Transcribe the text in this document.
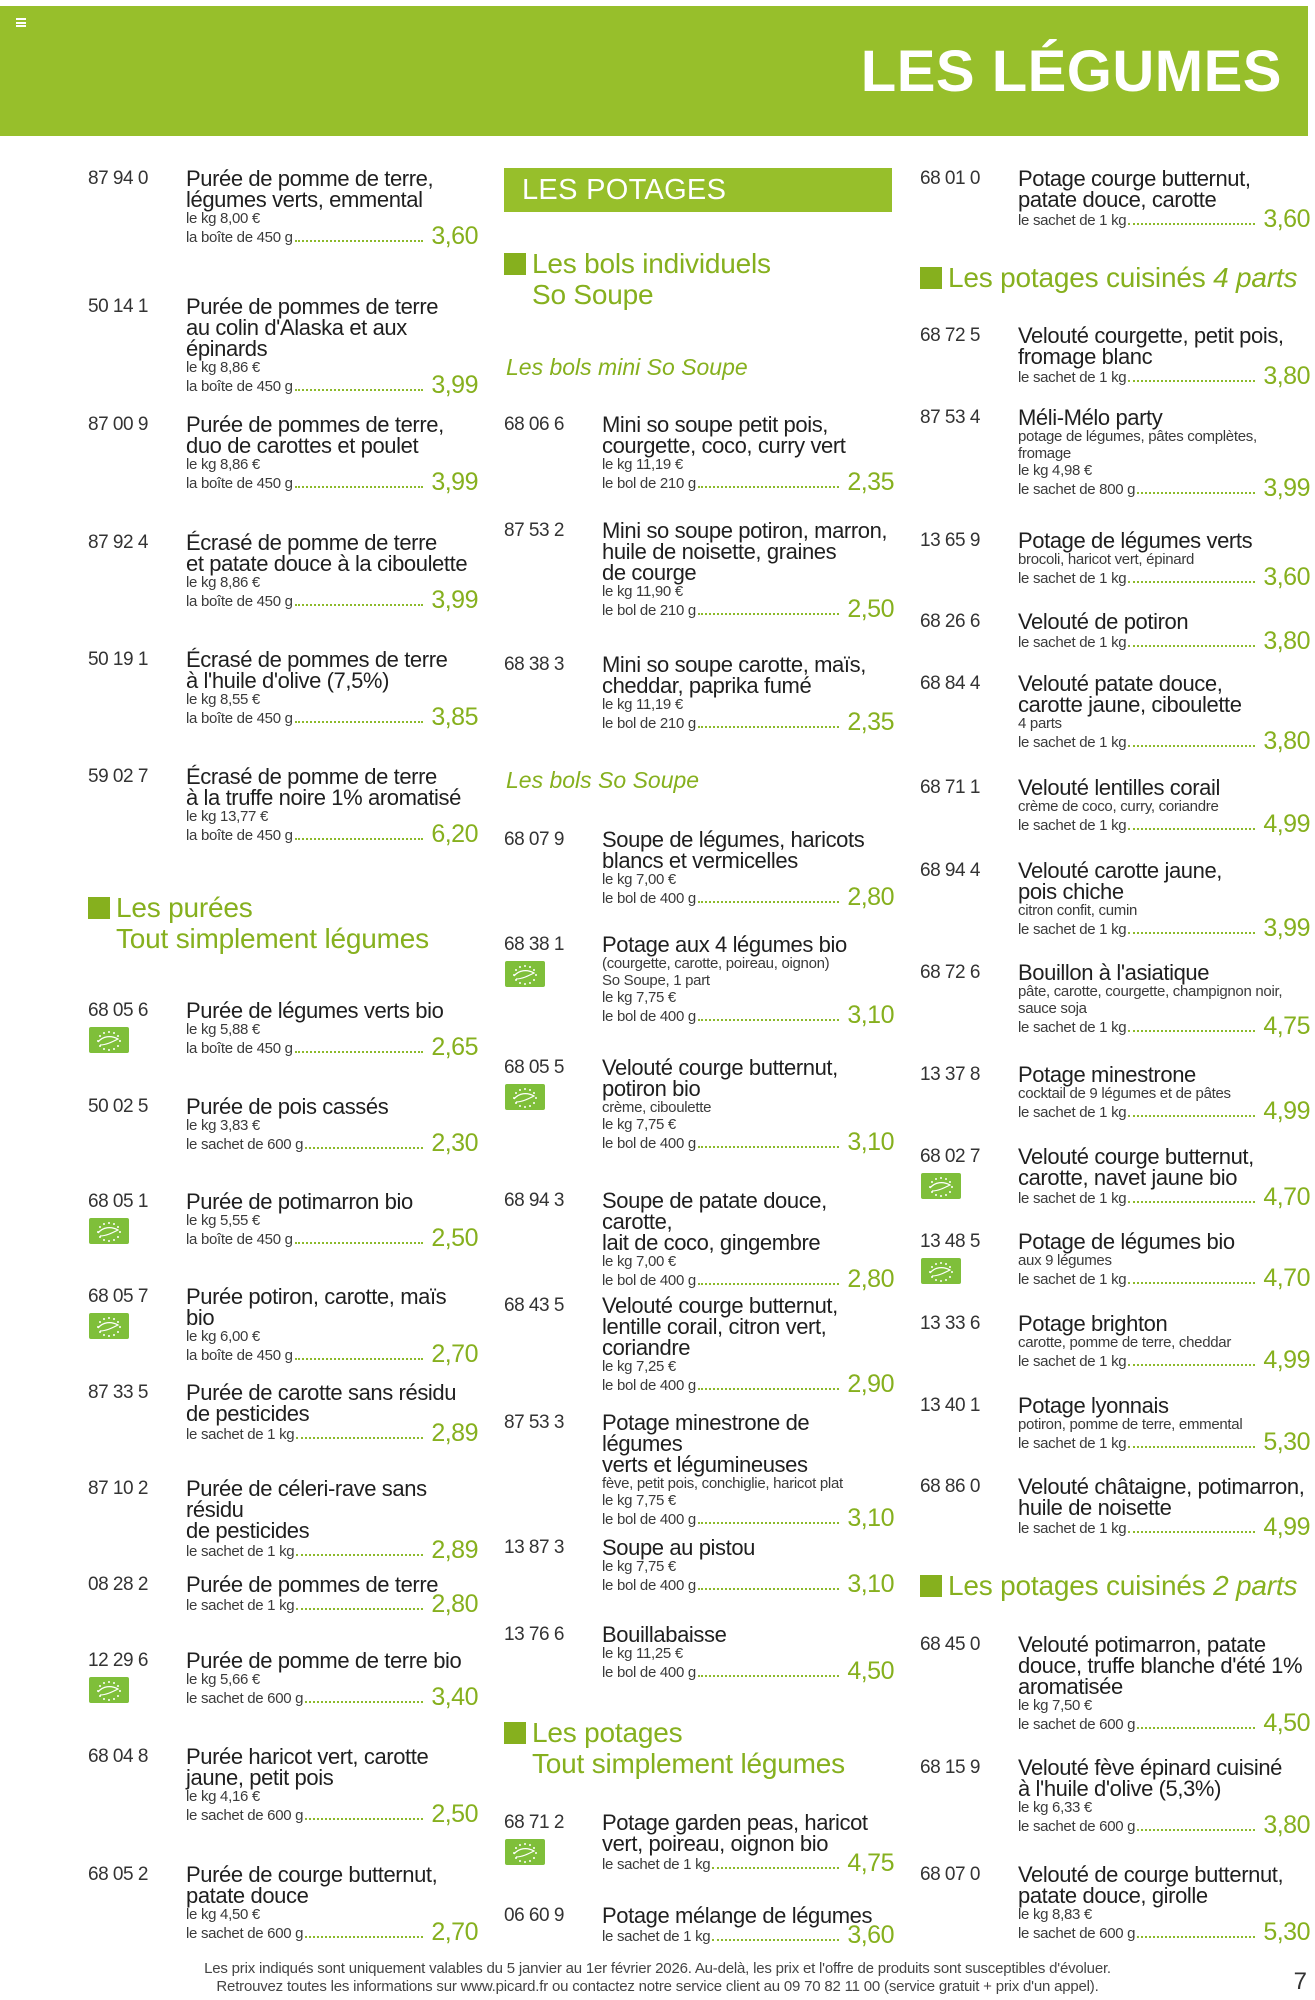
LES LÉGUMES
Les purées
Tout simplement légumes
87 94 0 Purée de pomme de terre,
légumes verts, emmental
le kg 8,00 €
la boîte de 450 g	3,60
50 14 1 Purée de pommes de terre
au colin d'Alaska et aux épinards
le kg 8,86 €
la boîte de 450 g	3,99
87 00 9 Purée de pommes de terre,
duo de carottes et poulet
le kg 8,86 €
la boîte de 450 g	3,99
87 92 4 Écrasé de pomme de terre
et patate douce à la ciboulette
le kg 8,86 €
la boîte de 450 g	3,99
50 19 1 Écrasé de pommes de terre
à l'huile d'olive (7,5%)
le kg 8,55 €
la boîte de 450 g	3,85
59 02 7 Écrasé de pomme de terre
à la truffe noire 1% aromatisé
le kg 13,77 €
la boîte de 450 g	6,20
68 05 6 Purée de légumes verts bio
le kg 5,88 €
la boîte de 450 g	2,65
50 02 5 Purée de pois cassés
le kg 3,83 €
le sachet de 600 g	2,30
68 05 1 Purée de potimarron bio
le kg 5,55 €
la boîte de 450 g	2,50
68 05 7 Purée potiron, carotte, maïs bio
le kg 6,00 €
la boîte de 450 g	2,70
87 33 5 Purée de carotte sans résidu
de pesticides
le sachet de 1 kg	2,89
87 10 2 Purée de céleri-rave sans résidu
de pesticides
le sachet de 1 kg	2,89
08 28 2 Purée de pommes de terre
le sachet de 1 kg	2,80
12 29 6 Purée de pomme de terre bio
le kg 5,66 €
le sachet de 600 g	3,40
68 04 8 Purée haricot vert, carotte
jaune, petit pois
le kg 4,16 €
le sachet de 600 g	2,50
68 05 2 Purée de courge butternut,
patate douce
le kg 4,50 €
le sachet de 600 g	2,70
Les bols individuels
So Soupe
Les bols mini So Soupe
Les bols So Soupe
Les potages
Tout simplement légumes
68 06 6 Mini so soupe petit pois,
courgette, coco, curry vert
le kg 11,19 €
le bol de 210 g	2,35
87 53 2 Mini so soupe potiron, marron,
huile de noisette, graines
de courge
le kg 11,90 €
le bol de 210 g	2,50
68 38 3 Mini so soupe carotte, maïs,
cheddar, paprika fumé
le kg 11,19 €
le bol de 210 g	2,35
68 07 9 Soupe de légumes, haricots
blancs et vermicelles
le kg 7,00 €
le bol de 400 g	2,80
68 38 1 Potage aux 4 légumes bio
(courgette, carotte, poireau, oignon)
So Soupe, 1 part
le kg 7,75 €
le bol de 400 g	3,10
68 05 5 Velouté courge butternut,
potiron bio
crème, ciboulette
le kg 7,75 €
le bol de 400 g	3,10
68 94 3 Soupe de patate douce, carotte,
lait de coco, gingembre
le kg 7,00 €
le bol de 400 g	2,80
68 43 5 Velouté courge butternut,
lentille corail, citron vert,
coriandre
le kg 7,25 €
le bol de 400 g	2,90
87 53 3 Potage minestrone de légumes
verts et légumineuses
fève, petit pois, conchiglie, haricot plat
le kg 7,75 €
le bol de 400 g	3,10
13 87 3 Soupe au pistou
le kg 7,75 €
le bol de 400 g	3,10
13 76 6 Bouillabaisse
le kg 11,25 €
le bol de 400 g	4,50
68 71 2 Potage garden peas, haricot
vert, poireau, oignon bio
le sachet de 1 kg	4,75
06 60 9 Potage mélange de légumes
le sachet de 1 kg	3,60
LES POTAGES
Les potages cuisinés 4 parts
Les potages cuisinés 2 parts
68 01 0 Potage courge butternut,
patate douce, carotte
le sachet de 1 kg	3,60
68 72 5 Velouté courgette, petit pois,
fromage blanc
le sachet de 1 kg	3,80
87 53 4 Méli-Mélo party
potage de légumes, pâtes complètes,
fromage
le kg 4,98 €
le sachet de 800 g	3,99
13 65 9 Potage de légumes verts
brocoli, haricot vert, épinard
le sachet de 1 kg	3,60
68 26 6 Velouté de potiron
le sachet de 1 kg	3,80
68 84 4 Velouté patate douce,
carotte jaune, ciboulette
4 parts
le sachet de 1 kg	3,80
68 71 1 Velouté lentilles corail
crème de coco, curry, coriandre
le sachet de 1 kg	4,99
68 94 4 Velouté carotte jaune,
pois chiche
citron confit, cumin
le sachet de 1 kg	3,99
68 72 6 Bouillon à l'asiatique
pâte, carotte, courgette, champignon noir,
sauce soja
le sachet de 1 kg	4,75
13 37 8 Potage minestrone
cocktail de 9 légumes et de pâtes
le sachet de 1 kg	4,99
68 02 7 Velouté courge butternut,
carotte, navet jaune bio
le sachet de 1 kg	4,70
13 48 5 Potage de légumes bio
aux 9 légumes
le sachet de 1 kg	4,70
13 33 6 Potage brighton
carotte, pomme de terre, cheddar
le sachet de 1 kg	4,99
13 40 1 Potage lyonnais
potiron, pomme de terre, emmental
le sachet de 1 kg	5,30
68 86 0 Velouté châtaigne, potimarron,
huile de noisette
le sachet de 1 kg	4,99
68 45 0 Velouté potimarron, patate
douce, truffe blanche d'été 1%
aromatisée
le kg 7,50 €
le sachet de 600 g	4,50
68 15 9 Velouté fève épinard cuisiné
à l'huile d'olive (5,3%)
le kg 6,33 €
le sachet de 600 g	3,80
68 07 0 Velouté de courge butternut,
patate douce, girolle
le kg 8,83 €
le sachet de 600 g	5,30
Les prix indiqués sont uniquement valables du 5 janvier au 1er février 2026. Au-delà, les prix et l'offre de produits sont susceptibles d'évoluer.
Retrouvez toutes les informations sur www.picard.fr ou contactez notre service client au 09 70 82 11 00 (service gratuit + prix d'un appel).	7
